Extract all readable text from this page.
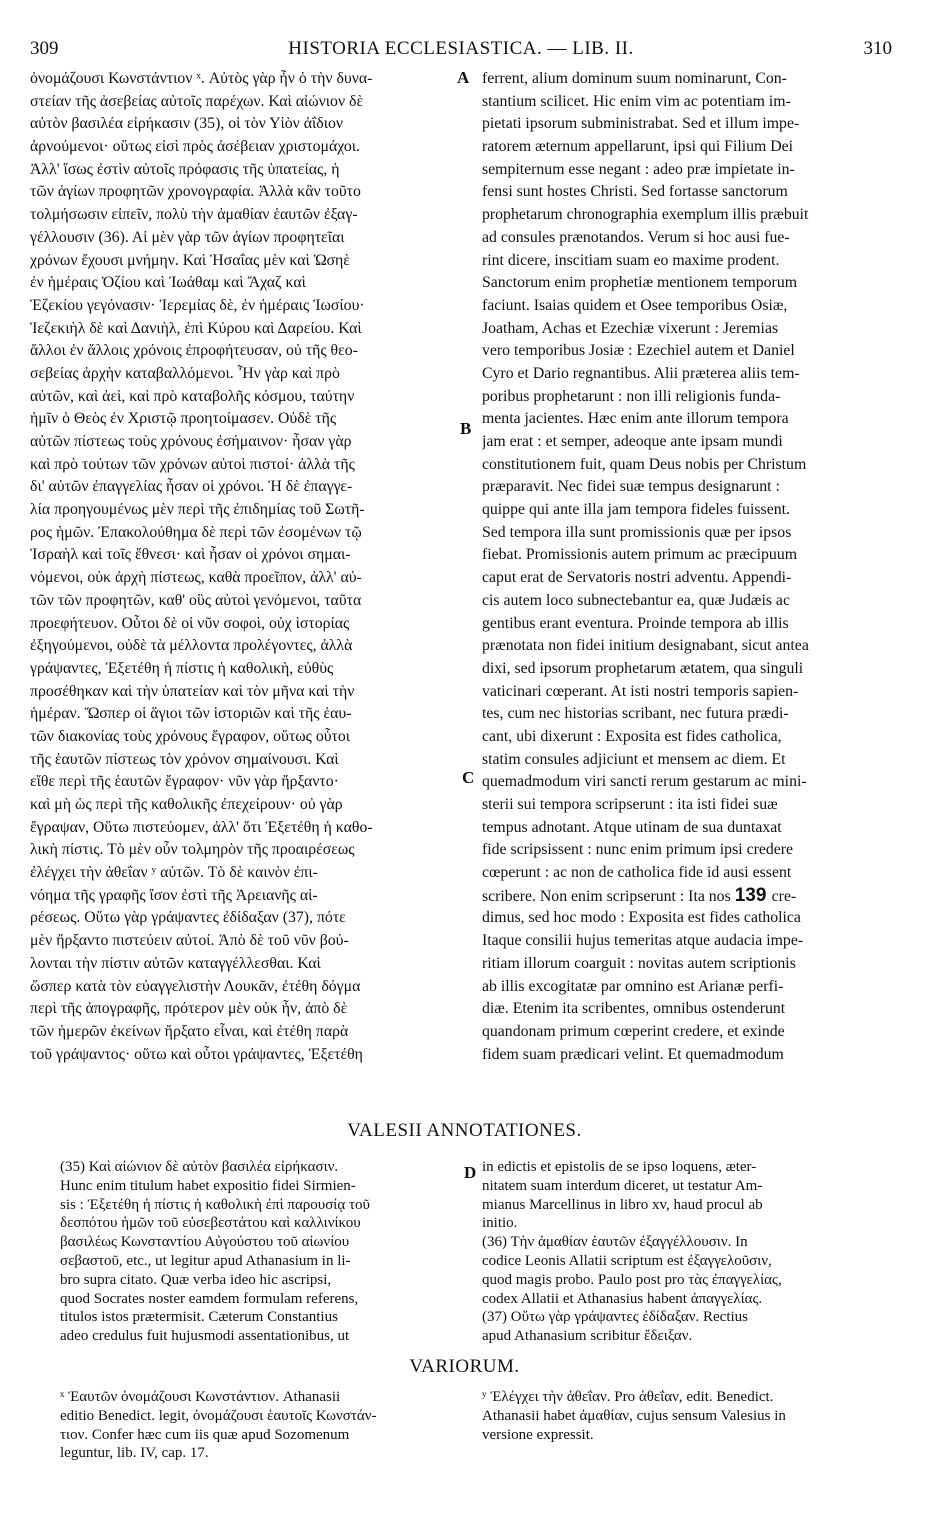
309	HISTORIA ECCLESIASTICA. — LIB. II.	310
ὀνομάζουσι Κωνστάντιον ˣ. Αὐτὸς γὰρ ἦν ὁ τὴν δυνα-
στείαν τῆς ἀσεβείας αὐτοῖς παρέχων. Καὶ αἰώνιον δὲ
αὐτὸν βασιλέα εἰρήκασιν (35), οἱ τὸν Υἱὸν ἀΐδιον
ἀρνούμενοι· οὕτως εἰσὶ πρὸς ἀσέβειαν χριστομάχοι.
Ἀλλ' ἴσως ἐστὶν αὐτοῖς πρόφασις τῆς ὑπατείας, ἡ
τῶν ἁγίων προφητῶν χρονογραφία. Ἀλλὰ κἂν τοῦτο
τολμήσωσιν εἰπεῖν, πολὺ τὴν ἀμαθίαν ἑαυτῶν ἐξαγ-
γέλλουσιν (36). Αἱ μὲν γὰρ τῶν ἁγίων προφητεῖαι
χρόνων ἔχουσι μνήμην. Καὶ Ἡσαΐας μὲν καὶ Ὠσηὲ
ἐν ἡμέραις Ὀζίου καὶ Ἰωάθαμ καὶ Ἄχαζ καὶ
Ἐζεκίου γεγόνασιν· Ἱερεμίας δὲ, ἐν ἡμέραις Ἰωσίου·
Ἰεζεκιὴλ δὲ καὶ Δανιὴλ, ἐπὶ Κύρου καὶ Δαρείου. Καὶ
ἄλλοι ἐν ἄλλοις χρόνοις ἐπροφήτευσαν, οὐ τῆς θεο-
σεβείας ἀρχὴν καταβαλλόμενοι. Ἦν γὰρ καὶ πρὸ
αὐτῶν, καὶ ἀεὶ, καὶ πρὸ καταβολῆς κόσμου, ταύτην
ἡμῖν ὁ Θεὸς ἐν Χριστῷ προητοίμασεν. Οὐδὲ τῆς
αὐτῶν πίστεως τοὺς χρόνους ἐσήμαινον· ἦσαν γὰρ
καὶ πρὸ τούτων τῶν χρόνων αὐτοὶ πιστοί· ἀλλὰ τῆς
δι' αὐτῶν ἐπαγγελίας ἦσαν οἱ χρόνοι. Ἡ δὲ ἐπαγγε-
λία προηγουμένως μὲν περὶ τῆς ἐπιδημίας τοῦ Σωτῆ-
ρος ἡμῶν. Ἐπακολούθημα δὲ περὶ τῶν ἐσομένων τῷ
Ἰσραὴλ καὶ τοῖς ἔθνεσι· καὶ ἦσαν οἱ χρόνοι σημαι-
νόμενοι, οὐκ ἀρχὴ πίστεως, καθὰ προεῖπον, ἀλλ' αὐ-
τῶν τῶν προφητῶν, καθ' οὓς αὐτοὶ γενόμενοι, ταῦτα
προεφήτευον. Οὗτοι δὲ οἱ νῦν σοφοὶ, οὐχ ἱστορίας
ἐξηγούμενοι, οὐδὲ τὰ μέλλοντα προλέγοντες, ἀλλὰ
γράψαντες, Ἐξετέθη ἡ πίστις ἡ καθολικὴ, εὐθὺς
προσέθηκαν καὶ τὴν ὑπατείαν καὶ τὸν μῆνα καὶ τὴν
ἡμέραν. Ὥσπερ οἱ ἅγιοι τῶν ἱστοριῶν καὶ τῆς ἑαυ-
τῶν διακονίας τοὺς χρόνους ἔγραφον, οὕτως οὗτοι
τῆς ἑαυτῶν πίστεως τὸν χρόνον σημαίνουσι. Καὶ
εἴθε περὶ τῆς ἑαυτῶν ἔγραφον· νῦν γὰρ ἤρξαντο·
καὶ μὴ ὡς περὶ τῆς καθολικῆς ἐπεχείρουν· οὐ γὰρ
ἔγραψαν, Οὕτω πιστεύομεν, ἀλλ' ὅτι Ἐξετέθη ἡ καθο-
λικὴ πίστις. Τὸ μὲν οὖν τολμηρὸν τῆς προαιρέσεως
ἐλέγχει τὴν ἀθεΐαν ʸ αὐτῶν. Τὸ δὲ καινὸν ἐπι-
νόημα τῆς γραφῆς ἴσον ἐστὶ τῆς Ἀρειανῆς αἱ-
ρέσεως. Οὕτω γὰρ γράψαντες ἐδίδαξαν (37), πότε
μὲν ἤρξαντο πιστεύειν αὐτοί. Ἀπὸ δὲ τοῦ νῦν βού-
λονται τὴν πίστιν αὐτῶν καταγγέλλεσθαι. Καὶ
ὥσπερ κατὰ τὸν εὐαγγελιστὴν Λουκᾶν, ἐτέθη δόγμα
περὶ τῆς ἀπογραφῆς, πρότερον μὲν οὐκ ἦν, ἀπὸ δὲ
τῶν ἡμερῶν ἐκείνων ἤρξατο εἶναι, καὶ ἐτέθη παρὰ
τοῦ γράψαντος· οὕτω καὶ οὗτοι γράψαντες, Ἐξετέθη
ferrent, alium dominum suum nominarunt, Con-
stantium scilicet. Hic enim vim ac potentiam im-
pietati ipsorum subministrabat. Sed et illum impe-
ratorem æternum appellarunt, ipsi qui Filium Dei
sempiternum esse negant : adeo præ impietate in-
fensi sunt hostes Christi. Sed fortasse sanctorum
prophetarum chronographia exemplum illis præbuit
ad consules prænotandos. Verum si hoc ausi fue-
rint dicere, inscitiam suam eo maxime prodent.
Sanctorum enim prophetiæ mentionem temporum
faciunt. Isaias quidem et Osee temporibus Osiæ,
Joatham, Achas et Ezechiæ vixerunt : Jeremias
vero temporibus Josiæ : Ezechiel autem et Daniel
Cyro et Dario regnantibus. Alii præterea aliis tem-
poribus prophetarunt : non illi religionis funda-
menta jacientes. Hæc enim ante illorum tempora
jam erat : et semper, adeoque ante ipsam mundi
constitutionem fuit, quam Deus nobis per Christum
præparavit. Nec fidei suæ tempus designarunt :
quippe qui ante illa jam tempora fideles fuissent.
Sed tempora illa sunt promissionis quæ per ipsos
fiebat. Promissionis autem primum ac præcipuum
caput erat de Servatoris nostri adventu. Appendi-
cis autem loco subnectebantur ea, quæ Judæis ac
gentibus erant eventura. Proinde tempora ab illis
prænotata non fidei initium designabant, sicut antea
dixi, sed ipsorum prophetarum ætatem, qua singuli
vaticinari cœperant. At isti nostri temporis sapien-
tes, cum nec historias scribant, nec futura prædi-
cant, ubi dixerunt : Exposita est fides catholica,
statim consules adjiciunt et mensem ac diem. Et
quemadmodum viri sancti rerum gestarum ac mini-
sterii sui tempora scripserunt : ita isti fidei suæ
tempus adnotant. Atque utinam de sua duntaxat
fide scripsissent : nunc enim primum ipsi credere
cœperunt : ac non de catholica fide id ausi essent
scribere. Non enim scripserunt : Ita nos 139 cre-
dimus, sed hoc modo : Exposita est fides catholica
Itaque consilii hujus temeritas atque audacia impe-
ritiam illorum coarguit : novitas autem scriptionis
ab illis excogitatæ par omnino est Arianæ perfi-
diæ. Etenim ita scribentes, omnibus ostenderunt
quandonam primum cœperint credere, et exinde
fidem suam prædicari velint. Et quemadmodum
A
B
C
D
VALESII ANNOTATIONES.
(35) Καὶ αἰώνιον δὲ αὐτὸν βασιλέα εἰρήκασιν.
Hunc enim titulum habet expositio fidei Sirmien-
sis : Ἐξετέθη ἡ πίστις ἡ καθολικὴ ἐπὶ παρουσίᾳ τοῦ
δεσπότου ἡμῶν τοῦ εὐσεβεστάτου καὶ καλλινίκου
βασιλέως Κωνσταντίου Αὐγούστου τοῦ αἰωνίου
σεβαστοῦ, etc., ut legitur apud Athanasium in li-
bro supra citato. Quæ verba ideo hic ascripsi,
quod Socrates noster eamdem formulam referens,
titulos istos prætermisit. Cæterum Constantius
adeo credulus fuit hujusmodi assentationibus, ut
in edictis et epistolis de se ipso loquens, æter-
nitatem suam interdum diceret, ut testatur Am-
mianus Marcellinus in libro xv, haud procul ab
initio.
(36) Τὴν ἀμαθίαν ἑαυτῶν ἐξαγγέλλουσιν. In
codice Leonis Allatii scriptum est ἐξαγγελοῦσιν,
quod magis probo. Paulo post pro τὰς ἐπαγγελίας,
codex Allatii et Athanasius habent ἀπαγγελίας.
(37) Οὕτω γὰρ γράψαντες ἐδίδαξαν. Rectius
apud Athanasium scribitur ἔδειξαν.
VARIORUM.
ˣ Ἑαυτῶν ὀνομάζουσι Κωνστάντιον. Athanasii
editio Benedict. legit, ὀνομάζουσι ἑαυτοῖς Κωνστάν-
τιον. Confer hæc cum iis quæ apud Sozomenum
leguntur, lib. IV, cap. 17.
ʸ Ἐλέγχει τὴν ἀθεΐαν. Pro ἀθεΐαν, edit. Benedict.
Athanasii habet ἀμαθίαν, cujus sensum Valesius in
versione expressit.
